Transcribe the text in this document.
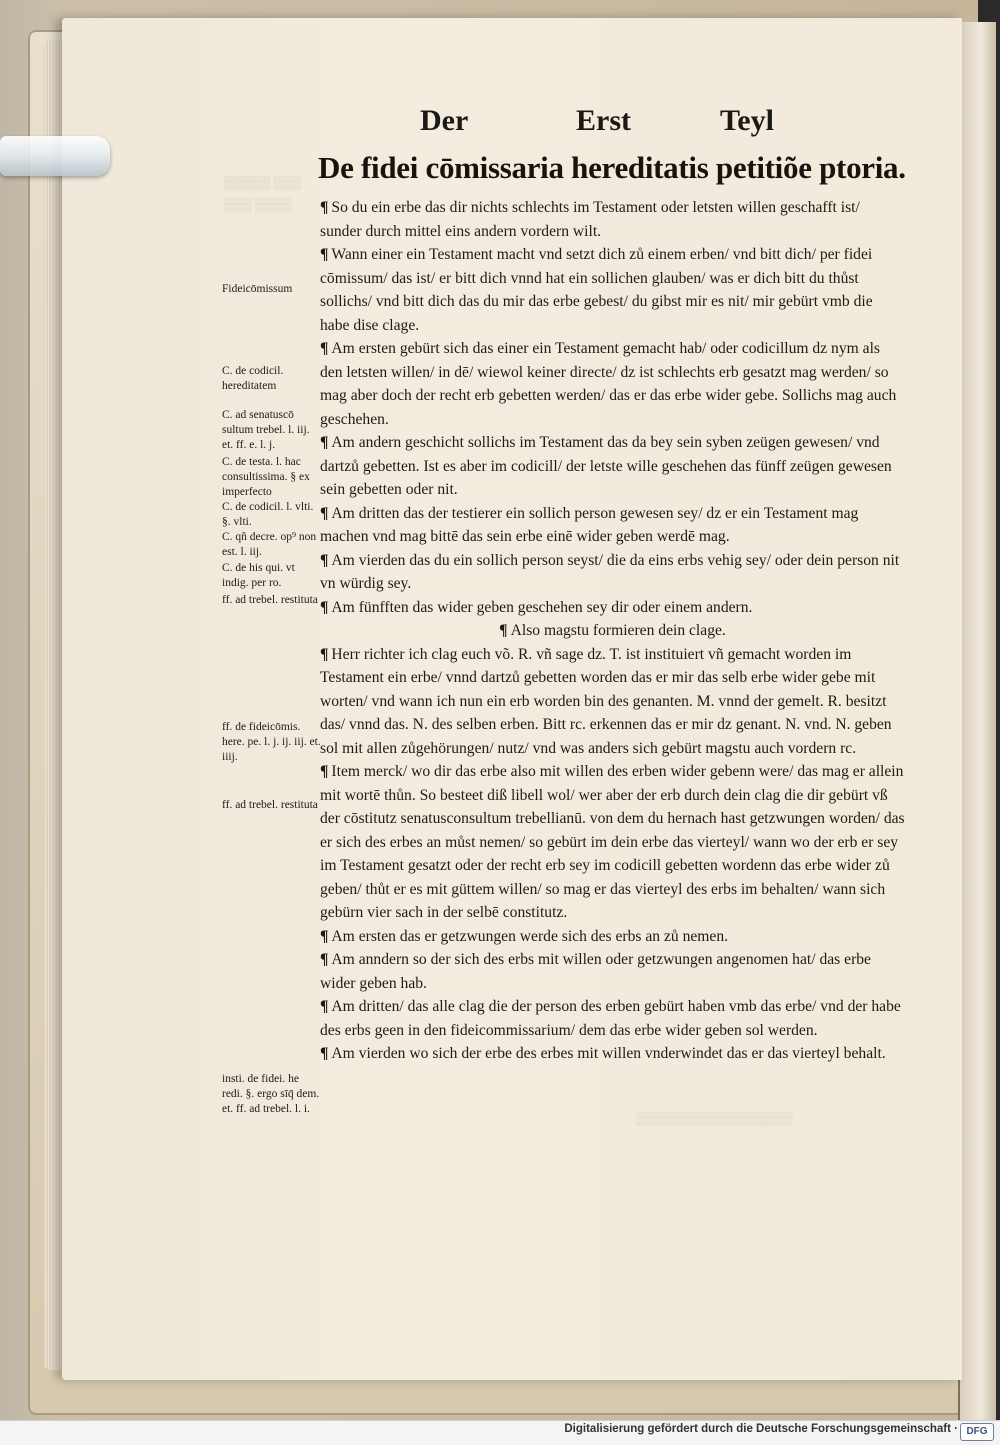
▒▒▒▒▒ ▒▒▒
▒▒▒ ▒▒▒▒
▒▒▒▒▒▒▒▒▒▒▒▒▒▒▒▒▒
Der	Erst	Teyl
De fidei cōmissaria hereditatis petitiõe ptoria.

¶ So du ein erbe das dir nichts schlechts im Testament oder letsten willen geschafft ist/ sunder durch mittel eins andern vordern wilt.

¶ Wann einer ein Testament macht vnd setzt dich zů einem erben/ vnd bitt dich/ per fidei cōmissum/ das ist/ er bitt dich vnnd hat ein sollichen glauben/ was er dich bitt du thůst sollichs/ vnd bitt dich das du mir das erbe gebest/ du gibst mir es nit/ mir gebürt vmb die habe dise clage.

¶ Am ersten gebürt sich das einer ein Testament gemacht hab/ oder codicillum dz nym als den letsten willen/ in dē/ wiewol keiner directe/ dz ist schlechts erb gesatzt mag werden/ so mag aber doch der recht erb gebetten werden/ das er das erbe wider gebe. Sollichs mag auch geschehen.

¶ Am andern geschicht sollichs im Testament das da bey sein syben zeügen gewesen/ vnd dartzů gebetten. Ist es aber im codicill/ der letste wille geschehen das fünff zeügen gewesen sein gebetten oder nit.

¶ Am dritten das der testierer ein sollich person gewesen sey/ dz er ein Testament mag machen vnd mag bittē das sein erbe einē wider geben werdē mag.

¶ Am vierden das du ein sollich person seyst/ die da eins erbs vehig sey/ oder dein person nit vn würdig sey.

¶ Am fünfften das wider geben geschehen sey dir oder einem andern.

¶ Also magstu formieren dein clage.

¶ Herr richter ich clag euch võ. R. vñ sage dz. T. ist instituiert vñ gemacht worden im Testament ein erbe/ vnnd dartzů gebetten worden das er mir das selb erbe wider gebe mit worten/ vnd wann ich nun ein erb worden bin des genanten. M. vnnd der gemelt. R. besitzt das/ vnnd das. N. des selben erben. Bitt rc. erkennen das er mir dz genant. N. vnd. N. geben sol mit allen zůgehörungen/ nutz/ vnd was anders sich gebürt magstu auch vordern rc.

¶ Item merck/ wo dir das erbe also mit willen des erben wider gebenn were/ das mag er allein mit wortē thůn. So besteet diß libell wol/ wer aber der erb durch dein clag die dir gebürt vß der cōstitutz senatusconsultum trebellianū. von dem du hernach hast getzwungen worden/ das er sich des erbes an můst nemen/ so gebürt im dein erbe das vierteyl/ wann wo der erb er sey im Testament gesatzt oder der recht erb sey im codicill gebetten wordenn das erbe wider zů geben/ thůt er es mit güttem willen/ so mag er das vierteyl des erbs im behalten/ wann sich gebürn vier sach in der selbē constitutz.

¶ Am ersten das er getzwungen werde sich des erbs an zů nemen.

¶ Am anndern so der sich des erbs mit willen oder getzwungen angenomen hat/ das erbe wider geben hab.

¶ Am dritten/ das alle clag die der person des erben gebürt haben vmb das erbe/ vnd der habe des erbs geen in den fideicommissarium/ dem das erbe wider geben sol werden.

¶ Am vierden wo sich der erbe des erbes mit willen vnderwindet das er das vierteyl behalt.

Fideicōmissum
C. de codicil. hereditatem
C. ad senatuscō sultum trebel. l. iij. et. ff. e. l. j.
C. de testa. l. hac consultissima. § ex imperfecto
C. de codicil. l. vlti. §. vlti.
C. qñ decre. op⁹ non est. l. iij.
C. de his qui. vt indig. per ro.
ff. ad trebel. restituta
ff. de fideicōmis. here. pe. l. j. ij. iij. et. iiij.
ff. ad trebel. restituta
insti. de fidei. he redi. §. ergo sīq̄ dem. et. ff. ad trebel. l. i.
Digitalisierung gefördert durch die Deutsche Forschungsgemeinschaft · DFG
